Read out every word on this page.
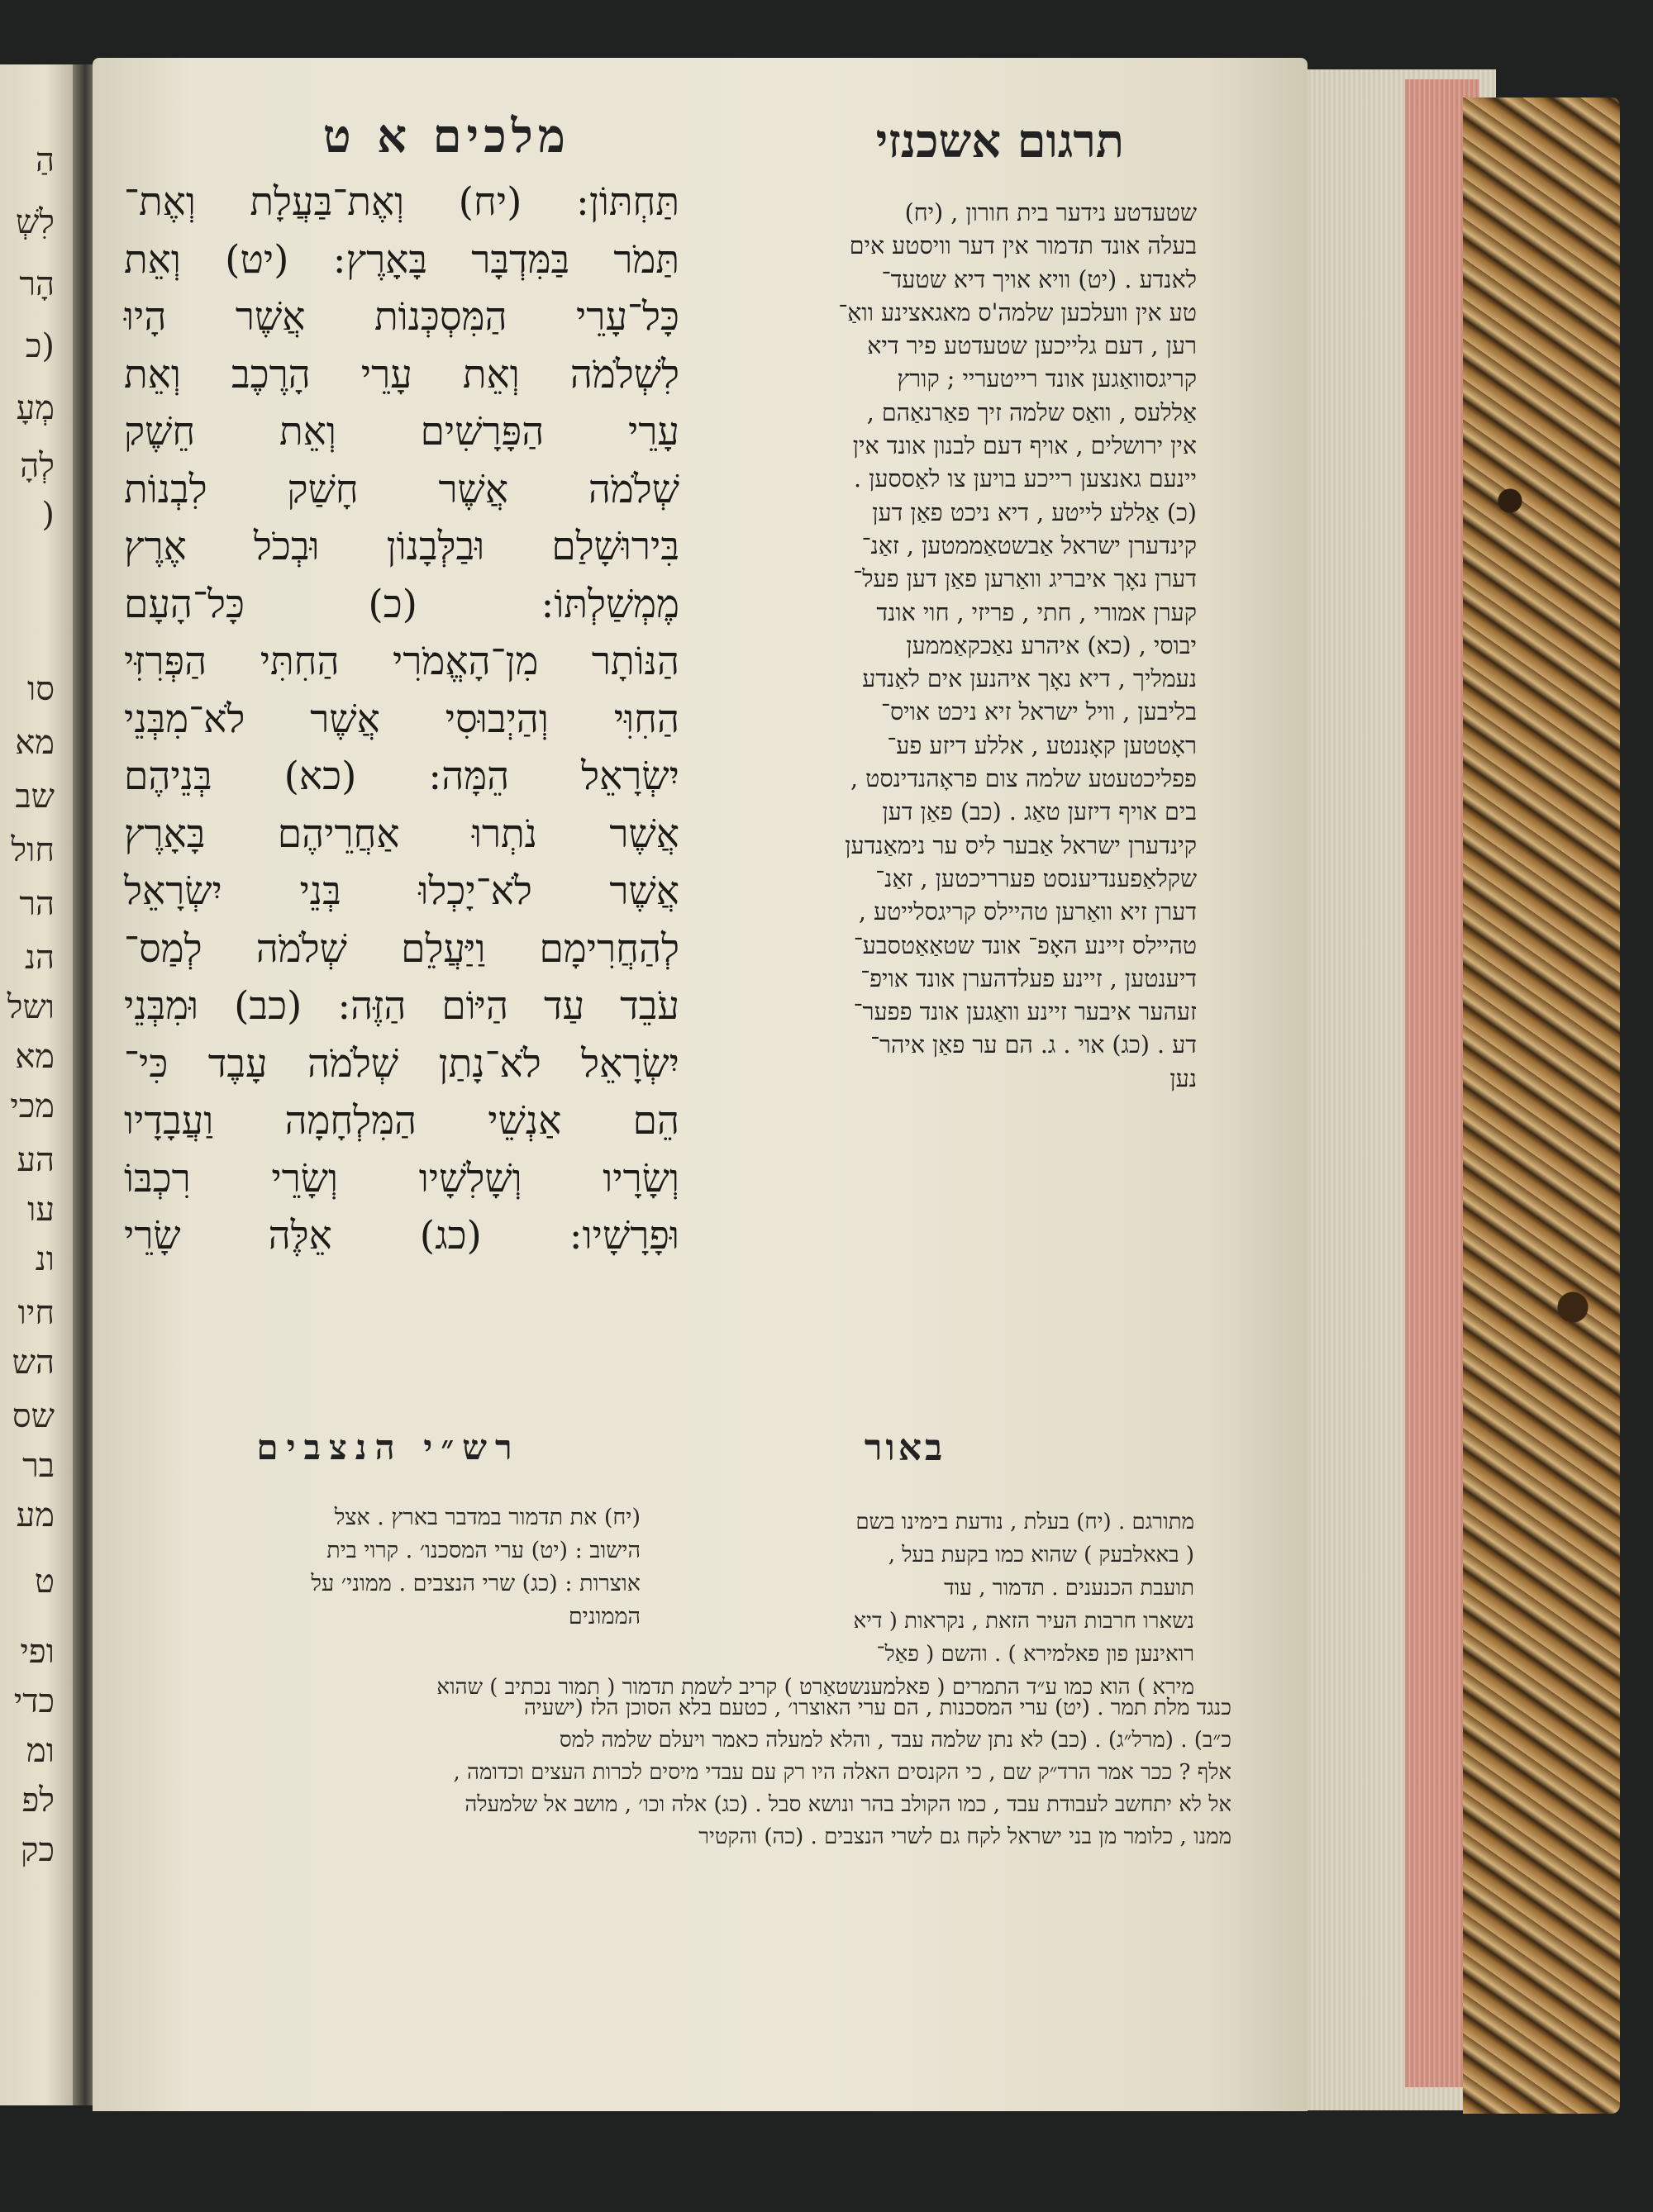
הַ
לִשְׁ
הָר
(כ
מְעָ
לְהָ
(
סו
מא
שב
חול
הר
הנ
ושל
מא
מכי
הע
עו
ונ
חיו
הש
שס
בר
מע
ט
ופי
כדי
ומ
לפ
כק
מלכים א ט	תרגום אשכנזי
תַּחְתּוֹן: (יח) וְאֶת־בַּעֲלָת וְאֶת־
תַּמֹר בַּמִּדְבָּר בָּאָרֶץ: (יט) וְאֵת
כָּל־עָרֵי הַמִּסְכְּנוֹת אֲשֶׁר הָיוּ
לִשְׁלֹמֹה וְאֵת עָרֵי הָרֶכֶב וְאֵת
עָרֵי הַפָּרָשִׁים וְאֵת חֵשֶׁק
שְׁלֹמֹה אֲשֶׁר חָשַׁק לִבְנוֹת
בִּירוּשָׁלַם וּבַלְּבָנוֹן וּבְכֹל אֶרֶץ
מֶמְשַׁלְתּוֹ: (כ) כָּל־הָעָם
הַנּוֹתָר מִן־הָאֱמֹרִי הַחִתִּי הַפְּרִזִּי
הַחִוִּי וְהַיְבוּסִי אֲשֶׁר לֹא־מִבְּנֵי
יִשְׂרָאֵל הֵמָּה: (כא) בְּנֵיהֶם
אֲשֶׁר נֹתְרוּ אַחֲרֵיהֶם בָּאָרֶץ
אֲשֶׁר לֹא־יָכְלוּ בְּנֵי יִשְׂרָאֵל
לְהַחֲרִימָם וַיַּעֲלֵם שְׁלֹמֹה לְמַס־
עֹבֵד עַד הַיּוֹם הַזֶּה: (כב) וּמִבְּנֵי
יִשְׂרָאֵל לֹא־נָתַן שְׁלֹמֹה עָבֶד כִּי־
הֵם אַנְשֵׁי הַמִּלְחָמָה וַעֲבָדָיו
וְשָׂרָיו וְשָׁלִשָׁיו וְשָׂרֵי רִכְבּוֹ
וּפָרָשָׁיו: (כג) אֵלֶּה שָׂרֵי
שטעדטע נידער בית חורון , (יח)
בעלה אונד תדמור אין דער וויסטע אים
לאנדע . (יט) וויא אויך דיא שטעד־
טע אין וועלכען שלמה'ס מאגאצינע וואַ־
רען , דעם גלייכען שטעדטע פיר דיא
קריגסוואַגען אונד רייטעריי ; קורץ
אַללעס , וואַס שלמה זיך פאַרנאַהם ,
אין ירושלים , אויף דעם לבנון אונד אין
יינעם גאנצען רייכע בויען צו לאַססען .
(כ) אַללע לייטע , דיא ניכט פאַן דען
קינדערן ישראל אַבשטאַממטען , זאַנ־
דערן נאָך איבריג וואַרען פאַן דען פעל־
קערן אמורי , חתי , פריזי , חוי אונד
יבוסי , (כא) איהרע נאַכקאַממען
נעמליך , דיא נאָך איהנען אים לאַנדע
בליבען , וויל ישראל זיא ניכט אויס־
ראָטטען קאָננטע , אללע דיזע פע־
פפליכטעטע שלמה צום פראָהנדינסט ,
בים אויף דיזען טאַג . (כב) פאַן דען
קינדערן ישראל אַבער ליס ער נימאַנדען
שקלאַפענדיענסט פערריכטען , זאַנ־
דערן זיא וואַרען טהיילס קריגסלייטע ,
טהיילס זיינע האָפ־ אונד שטאַאַטסבע־
דיענטען , זיינע פעלדהערן אונד אויפ־
זעהער איבער זיינע וואַגען אונד פפער־
דע . (כג) אוי . ג. הם ער פאַן איהר־
נען
רש״י הנצבים	באור
(יח) את תדמור במדבר בארץ . אצל
הישוב : (יט) ערי המסכנו׳ . קרוי בית
אוצרות : (כג) שרי הנצבים . ממוני׳ על
הממונים
מתורגם . (יח) בעלת , נודעת בימינו בשם
( באאלבעק ) שהוא כמו בקעת בעל ,
תועבת הכנענים . תדמור , עוד
נשארו חרבות העיר הזאת , נקראות ( דיא
רואינען פון פאלמירא ) . והשם ( פאַל־
מירא ) הוא כמו ע״ד התמרים ( פאלמענשטאַרט ) קריב לשמת תדמור ( תמור נכתיב ) שהוא
כנגד מלת תמר . (יט) ערי המסכנות , הם ערי האוצרו׳ , כטעם בלא הסוכן הלז (ישעיה
כ״ב) . (מרל״ג) . (כב) לא נתן שלמה עבד , והלא למעלה כאמר ויעלם שלמה למס
אלף ? ככר אמר הרד״ק שם , כי הקנסים האלה היו רק עם עבדי מיסים לכרות העצים וכדומה ,
אל לא יתחשב לעבודת עבד , כמו הקולב בהר ונושא סבל . (כג) אלה וכו׳ , מושב אל שלמעלה
ממנו , כלומר מן בני ישראל לקח גם לשרי הנצבים . (כה) והקטיר
